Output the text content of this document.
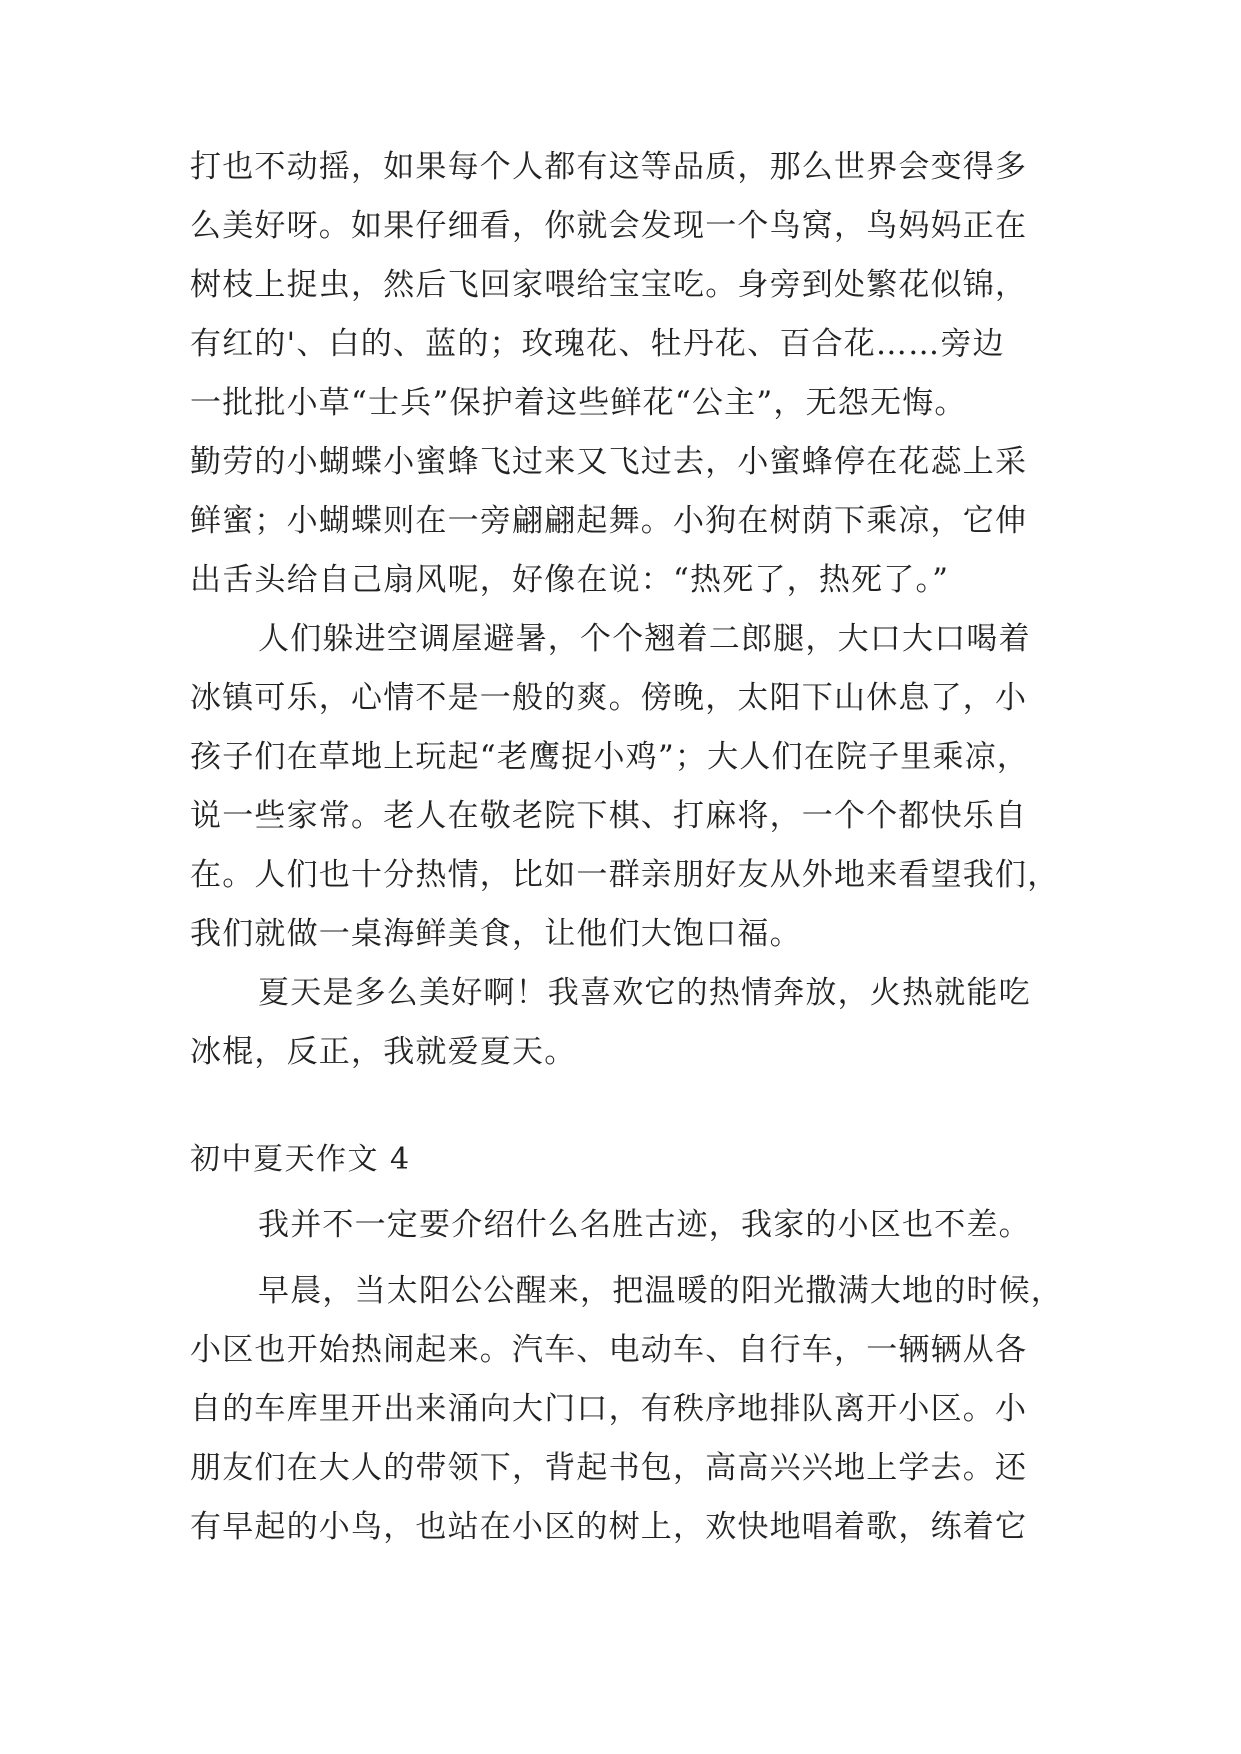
打也不动摇，如果每个人都有这等品质，那么世界会变得多
么美好呀。如果仔细看，你就会发现一个鸟窝，鸟妈妈正在
树枝上捉虫，然后飞回家喂给宝宝吃。身旁到处繁花似锦，
有红的'、白的、蓝的；玫瑰花、牡丹花、百合花……旁边
一批批小草“士兵”保护着这些鲜花“公主”，无怨无悔。
勤劳的小蝴蝶小蜜蜂飞过来又飞过去，小蜜蜂停在花蕊上采
鲜蜜；小蝴蝶则在一旁翩翩起舞。小狗在树荫下乘凉，它伸
出舌头给自己扇风呢，好像在说：“热死了，热死了。”
人们躲进空调屋避暑，个个翘着二郎腿，大口大口喝着
冰镇可乐，心情不是一般的爽。傍晚，太阳下山休息了，小
孩子们在草地上玩起“老鹰捉小鸡”；大人们在院子里乘凉，
说一些家常。老人在敬老院下棋、打麻将，一个个都快乐自
在。人们也十分热情，比如一群亲朋好友从外地来看望我们，
我们就做一桌海鲜美食，让他们大饱口福。
夏天是多么美好啊！我喜欢它的热情奔放，火热就能吃
冰棍，反正，我就爱夏天。
初中夏天作文 4
我并不一定要介绍什么名胜古迹，我家的小区也不差。
早晨，当太阳公公醒来，把温暖的阳光撒满大地的时候，
小区也开始热闹起来。汽车、电动车、自行车，一辆辆从各
自的车库里开出来涌向大门口，有秩序地排队离开小区。小
朋友们在大人的带领下，背起书包，高高兴兴地上学去。还
有早起的小鸟，也站在小区的树上，欢快地唱着歌，练着它
